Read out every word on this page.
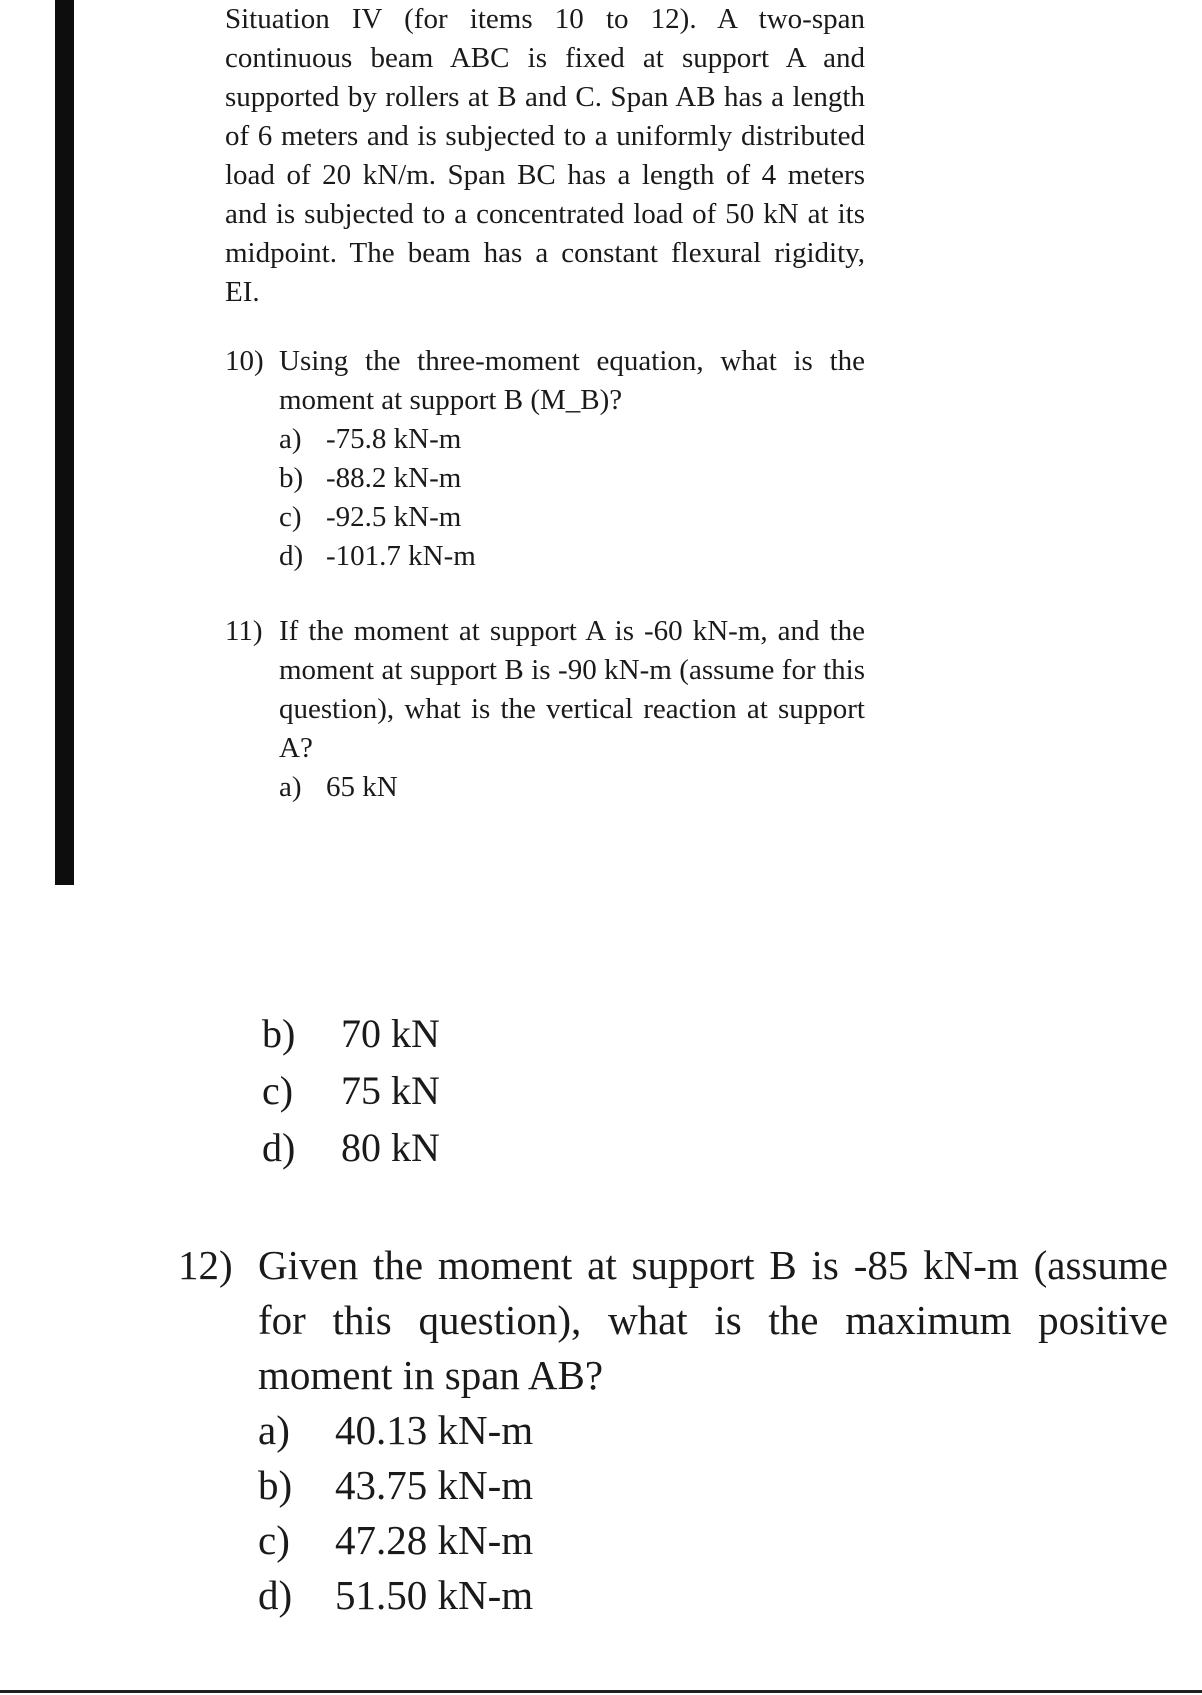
Situation IV (for items 10 to 12). A two-span continuous beam ABC is fixed at support A and supported by rollers at B and C. Span AB has a length of 6 meters and is subjected to a uniformly distributed load of 20 kN/m. Span BC has a length of 4 meters and is subjected to a concentrated load of 50 kN at its midpoint. The beam has a constant flexural rigidity, EI.
10) Using the three-moment equation, what is the moment at support B (M_B)?
a) -75.8 kN-m
b) -88.2 kN-m
c) -92.5 kN-m
d) -101.7 kN-m
11) If the moment at support A is -60 kN-m, and the moment at support B is -90 kN-m (assume for this question), what is the vertical reaction at support A?
a) 65 kN
b)	70 kN
c)	75 kN
d)	80 kN
12) Given the moment at support B is -85 kN-m (assume for this question), what is the maximum positive moment in span AB?
a)	40.13 kN-m
b)	43.75 kN-m
c)	47.28 kN-m
d)	51.50 kN-m
